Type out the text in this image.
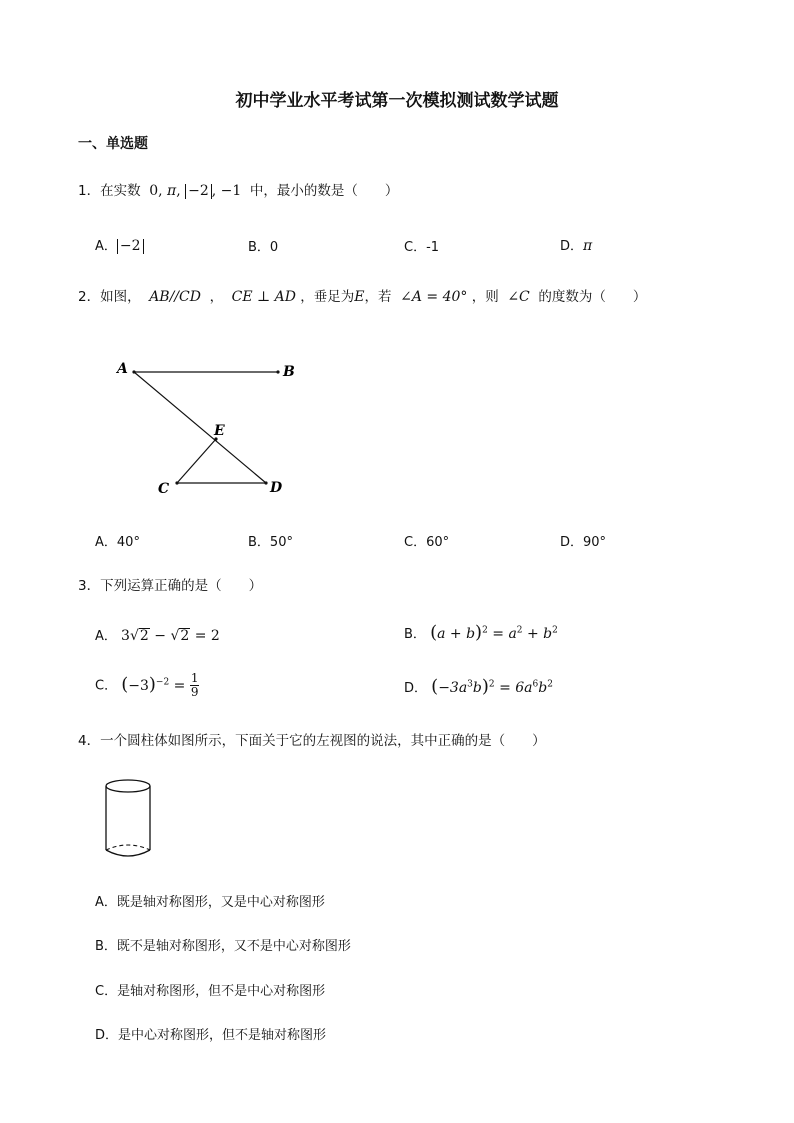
初中学业水平考试第一次模拟测试数学试题
一、单选题
1．在实数 0, π, −2 , −1 中，最小的数是（　　）
A． −2	B．0	C．-1	D．π
2．如图， AB//CD ， CE ⊥ AD ，垂足为E，若 ∠A = 40° ，则 ∠C 的度数为（　　）
A	B
E
C	D
A．40°	B．50°	C．60°	D．90°
3．下列运算正确的是（　　）
A． 3√2 − √2 = 2	B． $(a + b)^2 = a^2 + b^2$
C． $(-3)^{-2} = \frac{1}{9}$	D． $(-3a^3b)^2 = 6a^6b^2$
4．一个圆柱体如图所示，下面关于它的左视图的说法，其中正确的是（　　）
A．既是轴对称图形，又是中心对称图形
B．既不是轴对称图形，又不是中心对称图形
C．是轴对称图形，但不是中心对称图形
D．是中心对称图形，但不是轴对称图形
